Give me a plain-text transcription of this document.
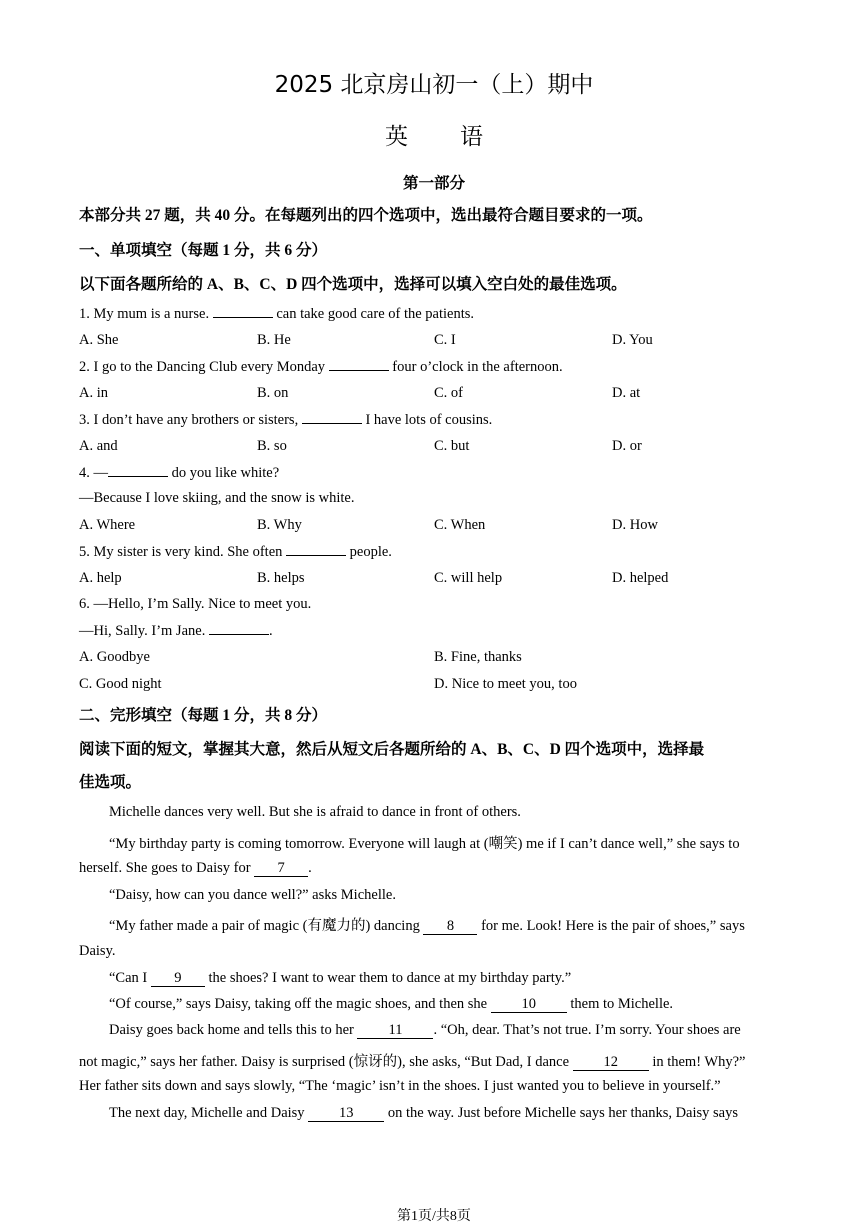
2025 北京房山初一（上）期中
英语
第一部分
本部分共 27 题，共 40 分。在每题列出的四个选项中，选出最符合题目要求的一项。
一、单项填空（每题 1 分，共 6 分）
以下面各题所给的 A、B、C、D 四个选项中，选择可以填入空白处的最佳选项。
1. My mum is a nurse.	can take good care of the patients.
A. She	B. He	C. I	D. You
2. I go to the Dancing Club every Monday	four o’clock in the afternoon.
A. in	B. on	C. of	D. at
3. I don’t have any brothers or sisters,	I have lots of cousins.
A. and	B. so	C. but	D. or
4. —	do you like white?
—Because I love skiing, and the snow is white.
A. Where	B. Why	C. When	D. How
5. My sister is very kind. She often	people.
A. help	B. helps	C. will help	D. helped
6. —Hello, I’m Sally. Nice to meet you.
—Hi, Sally. I’m Jane.	.
A. Goodbye	B. Fine, thanks
C. Good night	D. Nice to meet you, too
二、完形填空（每题 1 分，共 8 分）
阅读下面的短文，掌握其大意，然后从短文后各题所给的 A、B、C、D 四个选项中，选择最
佳选项。
Michelle dances very well. But she is afraid to dance in front of others.
“My birthday party is coming tomorrow. Everyone will laugh at (嘲笑) me if I can’t dance well,” she says to
herself. She goes to Daisy for 7 .
“Daisy, how can you dance well?” asks Michelle.
“My father made a pair of magic (有魔力的) dancing 8 for me. Look! Here is the pair of shoes,” says
Daisy.
“Can I 9 the shoes? I want to wear them to dance at my birthday party.”
“Of course,” says Daisy, taking off the magic shoes, and then she 10 them to Michelle.
Daisy goes back home and tells this to her 11 . “Oh, dear. That’s not true. I’m sorry. Your shoes are
not magic,” says her father. Daisy is surprised (惊讶的), she asks, “But Dad, I dance 12 in them! Why?”
Her father sits down and says slowly, “The ‘magic’ isn’t in the shoes. I just wanted you to believe in yourself.”
The next day, Michelle and Daisy 13 on the way. Just before Michelle says her thanks, Daisy says
第1页/共8页
